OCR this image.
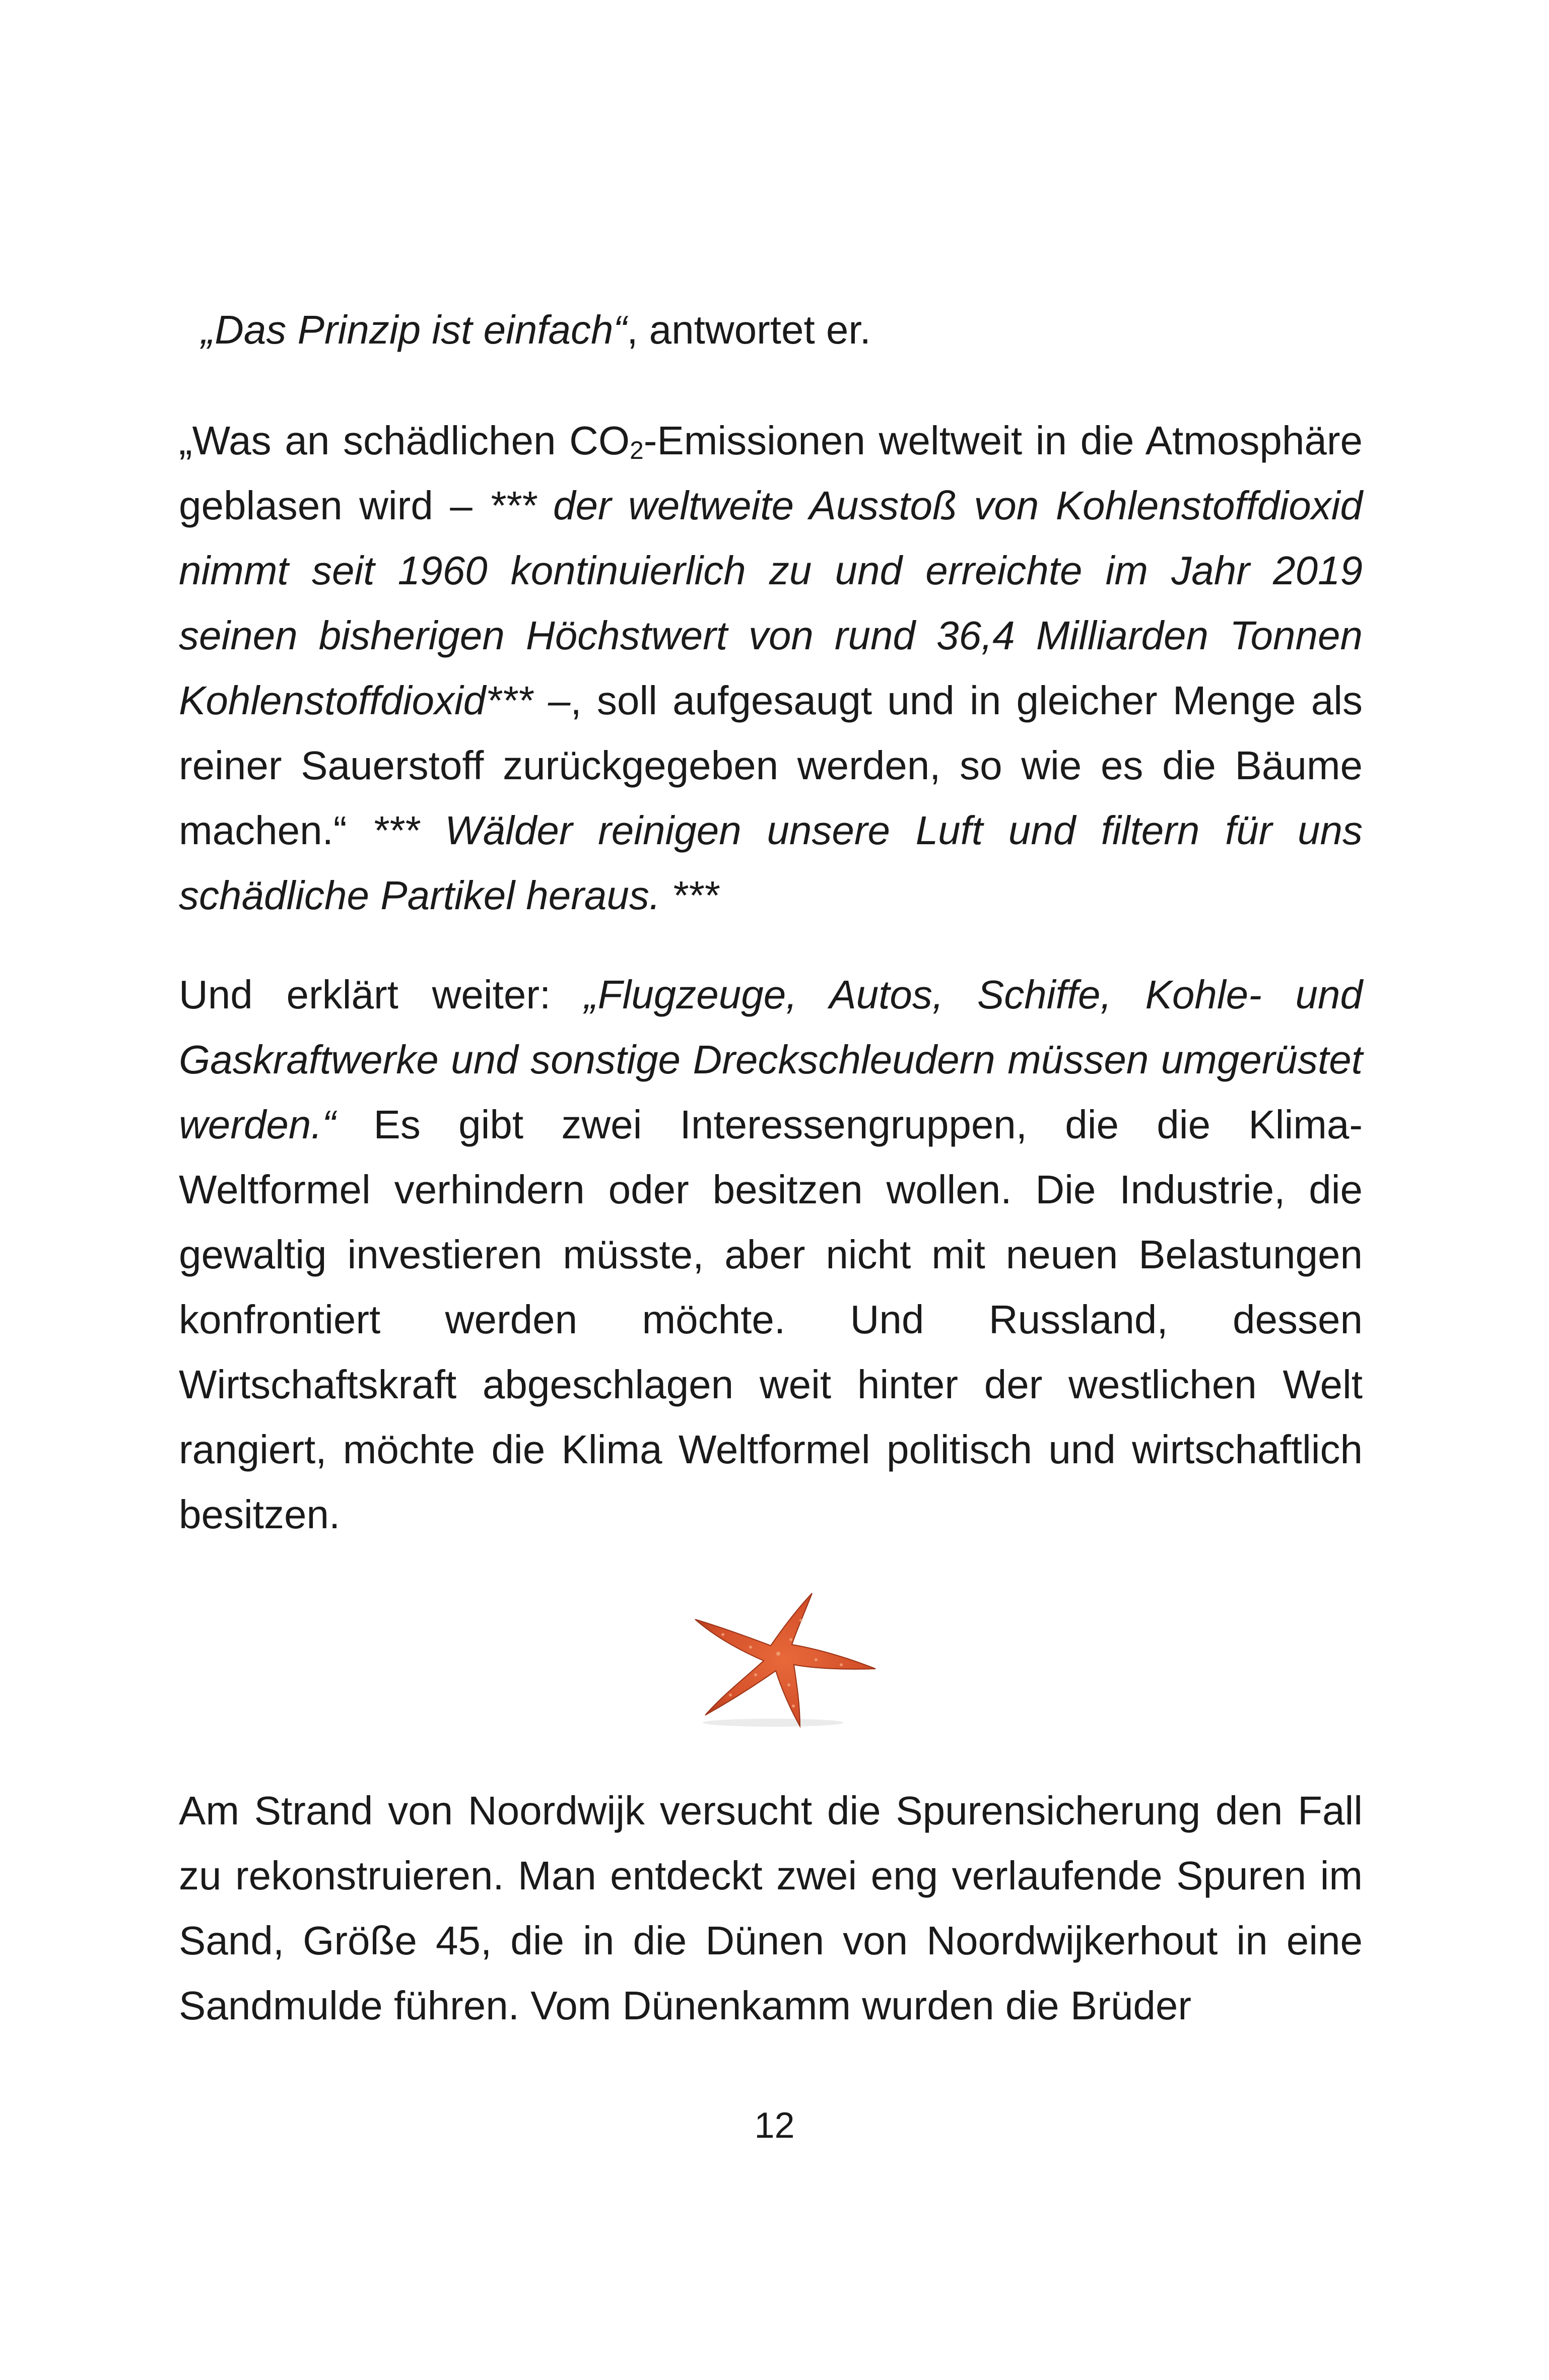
„Das Prinzip ist einfach“, antwortet er.

„Was an schädlichen $CO_2$-Emissionen weltweit in die Atmosphäre geblasen wird – *** der weltweite Ausstoß von Kohlenstoffdioxid nimmt seit 1960 kontinuierlich zu und erreichte im Jahr 2019 seinen bisherigen Höchstwert von rund 36,4 Milliarden Tonnen Kohlenstoffdioxid*** –, soll aufgesaugt und in gleicher Menge als reiner Sauerstoff zurückgegeben werden, so wie es die Bäume machen.“ *** Wälder reinigen unsere Luft und filtern für uns schädliche Partikel heraus. ***

Und erklärt weiter: „Flugzeuge, Autos, Schiffe, Kohle- und Gaskraftwerke und sonstige Dreckschleudern müssen umgerüstet werden.“ Es gibt zwei Interessengruppen, die die Klima-Weltformel verhindern oder besitzen wollen. Die Industrie, die gewaltig investieren müsste, aber nicht mit neuen Belastungen konfrontiert werden möchte. Und Russland, dessen Wirtschaftskraft abgeschlagen weit hinter der westlichen Welt rangiert, möchte die Klima Weltformel politisch und wirtschaftlich besitzen.

Am Strand von Noordwijk versucht die Spurensicherung den Fall zu rekonstruieren. Man entdeckt zwei eng verlaufende Spuren im Sand, Größe 45, die in die Dünen von Noordwijkerhout in eine Sandmulde führen. Vom Dünenkamm wurden die Brüder

12
